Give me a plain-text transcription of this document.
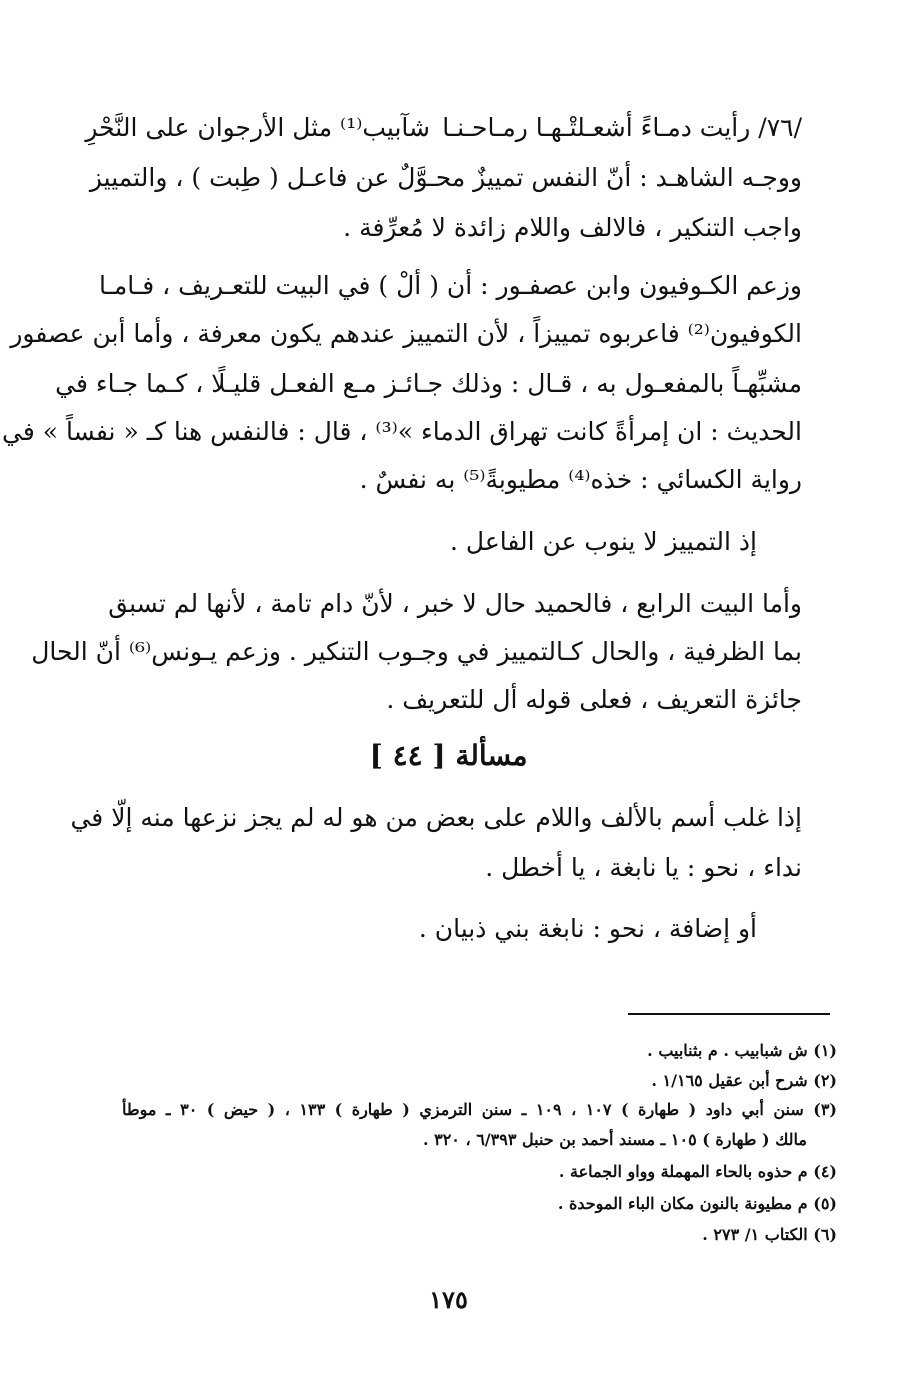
/٧٦/ رأيت دمـاءً أشعـلتْـهـا رمـاحـنـا
شآبيب⁽¹⁾ مثل الأرجوان على النَّحْرِ
ووجـه الشاهـد : أنّ النفس تمييزٌ محـوَّلٌ عن فاعـل ( طِبت ) ، والتمييز
واجب التنكير ، فالالف واللام زائدة لا مُعرِّفة .
وزعم الكـوفيون وابن عصفـور : أن ( ألْ ) في البيت للتعـريف ، فـامـا
الكوفيون⁽²⁾ فاعربوه تمييزاً ، لأن التمييز عندهم يكون معرفة ، وأما أبن عصفور
مشبِّهـاً بالمفعـول به ، قـال : وذلك جـائـز مـع الفعـل قليـلًا ، كـما جـاء في
الحديث : ان إمرأةً كانت تهراق الدماء »⁽³⁾ ، قال : فالنفس هنا كـ « نفساً » في
رواية الكسائي : خذه⁽⁴⁾ مطيوبةً⁽⁵⁾ به نفسٌ .
إذ التمييز لا ينوب عن الفاعل .
وأما البيت الرابع ، فالحميد حال لا خبر ، لأنّ دام تامة ، لأنها لم تسبق
بما الظرفية ، والحال كـالتمييز في وجـوب التنكير . وزعم يـونس⁽⁶⁾ أنّ الحال
جائزة التعريف ، فعلى قوله أل للتعريف .
مسألة [ ٤٤ ]
إذا غلب أسم بالألف واللام على بعض من هو له لم يجز نزعها منه إلّا في
نداء ، نحو : يا نابغة ، يا أخطل .
أو إضافة ، نحو : نابغة بني ذبيان .
(١) ش شبابيب . م بثنابيب .
(٢) شرح أبن عقيل ١/١٦٥ .
(٣) سنن أبي داود ( طهارة ) ١٠٧ ، ١٠٩ ـ سنن الترمزي ( طهارة ) ١٣٣ ، ( حيض ) ٣٠ ـ موطأ
مالك ( طهارة ) ١٠٥ ـ مسند أحمد بن حنبل ٦/٣٩٣ ، ٣٢٠ .
(٤) م حذوه بالحاء المهملة وواو الجماعة .
(٥) م مطيونة بالنون مكان الباء الموحدة .
(٦) الكتاب ١/ ٢٧٣ .
١٧٥
